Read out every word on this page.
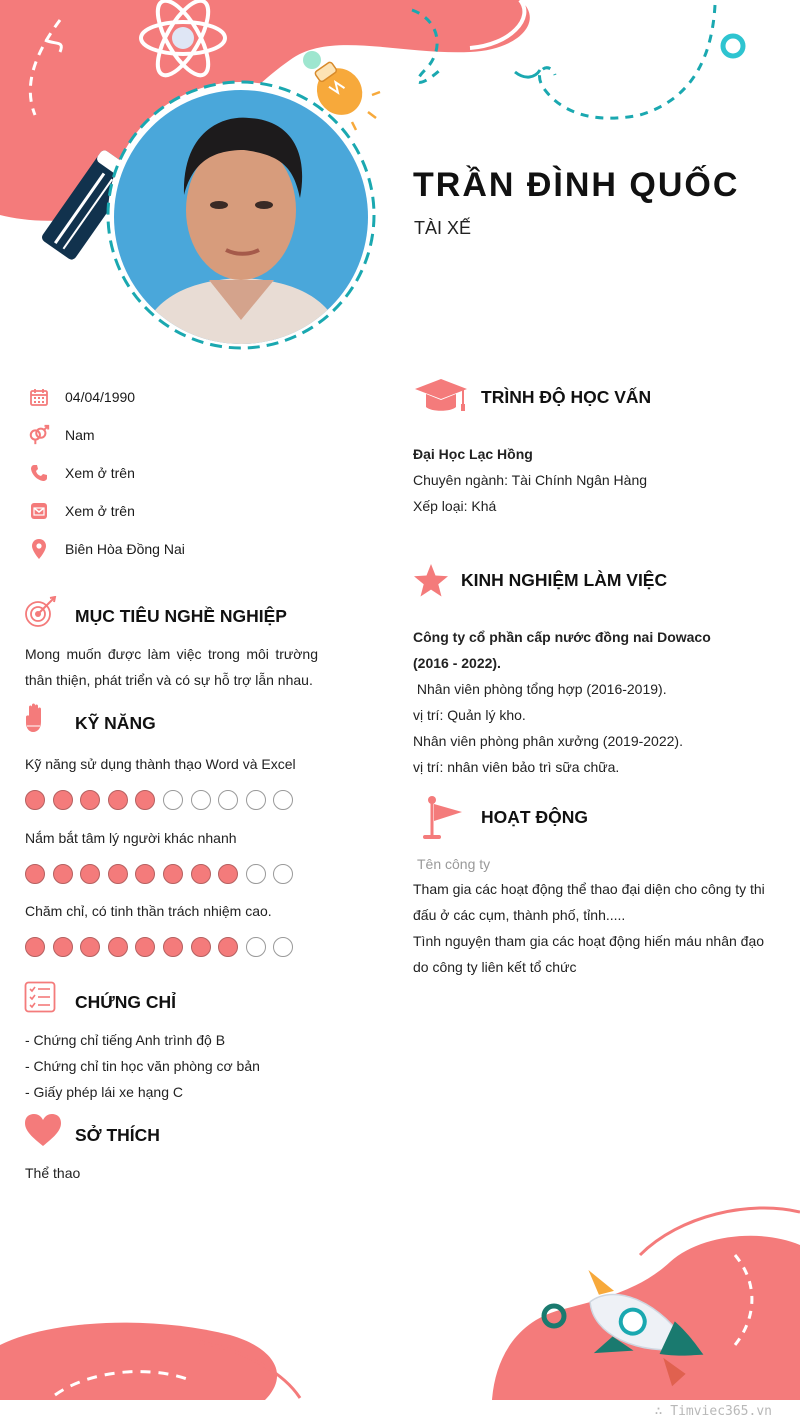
TRẦN ĐÌNH QUỐC
TÀI XẾ
04/04/1990
Nam
Xem ở trên
Xem ở trên
Biên Hòa Đồng Nai
MỤC TIÊU NGHỀ NGHIỆP
Mong muốn được làm việc trong môi trường
thân thiện, phát triển và có sự hỗ trợ lẫn nhau.
KỸ NĂNG
Kỹ năng sử dụng thành thạo Word và Excel
Nắm bắt tâm lý người khác nhanh
Chăm chỉ, có tinh thần trách nhiệm cao.
CHỨNG CHỈ
- Chứng chỉ tiếng Anh trình độ B
- Chứng chỉ tin học văn phòng cơ bản
- Giấy phép lái xe hạng C
SỞ THÍCH
Thể thao
TRÌNH ĐỘ HỌC VẤN
Đại Học Lạc Hồng
Chuyên ngành: Tài Chính Ngân Hàng
Xếp loại: Khá
KINH NGHIỆM LÀM VIỆC
Công ty cổ phần cấp nước đồng nai Dowaco
(2016 - 2022).
Nhân viên phòng tổng hợp (2016-2019).
vị trí: Quản lý kho.
Nhân viên phòng phân xưởng (2019-2022).
vị trí: nhân viên bảo trì sữa chữa.
HOẠT ĐỘNG
Tên công ty
Tham gia các hoạt động thể thao đại diện cho công ty thi
đấu ở các cụm, thành phố, tỉnh.....
Tình nguyện tham gia các hoạt động hiến máu nhân đạo
do công ty liên kết tổ chức
∴ Timviec365.vn
